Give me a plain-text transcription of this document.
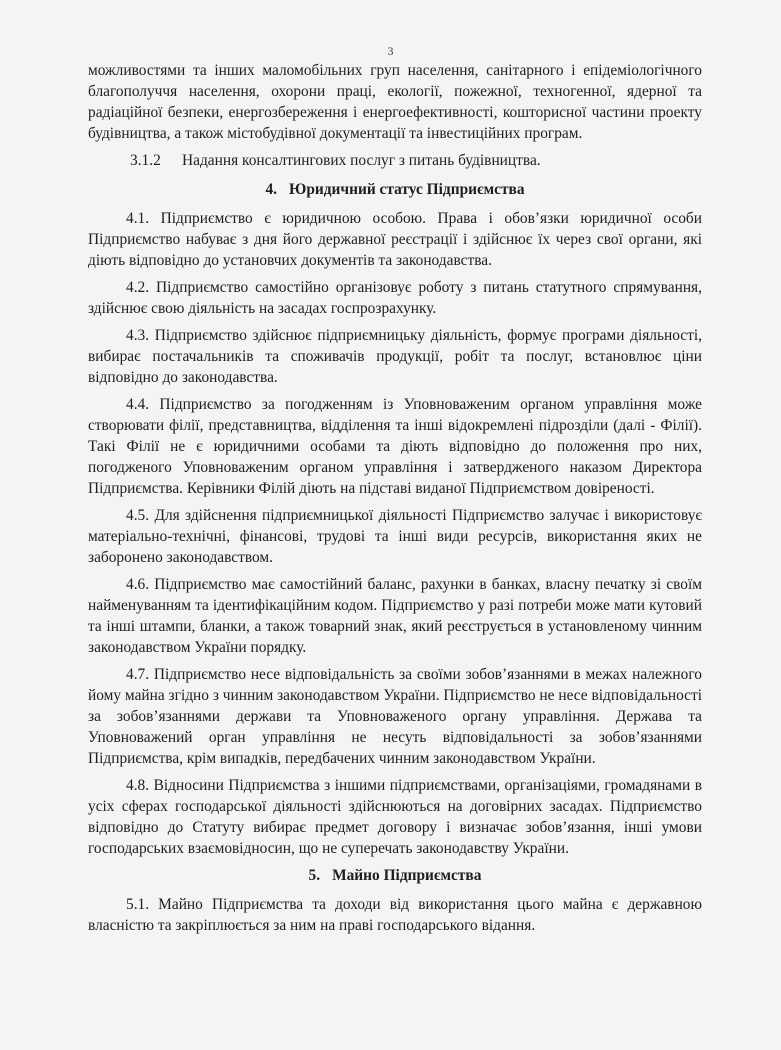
3

можливостями та інших маломобільних груп населення, санітарного і епідеміологічного благополуччя населення, охорони праці, екології, пожежної, техногенної, ядерної та радіаційної безпеки, енергозбереження і енергоефективності, кошторисної частини проекту будівництва, а також містобудівної документації та інвестиційних програм.

3.1.2 Надання консалтингових послуг з питань будівництва.

4. Юридичний статус Підприємства

4.1. Підприємство є юридичною особою. Права і обов’язки юридичної особи Підприємство набуває з дня його державної реєстрації і здійснює їх через свої органи, які діють відповідно до установчих документів та законодавства.

4.2. Підприємство самостійно організовує роботу з питань статутного спрямування, здійснює свою діяльність на засадах госпрозрахунку.

4.3. Підприємство здійснює підприємницьку діяльність, формує програми діяльності, вибирає постачальників та споживачів продукції, робіт та послуг, встановлює ціни відповідно до законодавства.

4.4. Підприємство за погодженням із Уповноваженим органом управління може створювати філії, представництва, відділення та інші відокремлені підрозділи (далі - Філії). Такі Філії не є юридичними особами та діють відповідно до положення про них, погодженого Уповноваженим органом управління і затвердженого наказом Директора Підприємства. Керівники Філій діють на підставі виданої Підприємством довіреності.

4.5. Для здійснення підприємницької діяльності Підприємство залучає і використовує матеріально-технічні, фінансові, трудові та інші види ресурсів, використання яких не заборонено законодавством.

4.6. Підприємство має самостійний баланс, рахунки в банках, власну печатку зі своїм найменуванням та ідентифікаційним кодом. Підприємство у разі потреби може мати кутовий та інші штампи, бланки, а також товарний знак, який реєструється в установленому чинним законодавством України порядку.

4.7. Підприємство несе відповідальність за своїми зобов’язаннями в межах належного йому майна згідно з чинним законодавством України. Підприємство не несе відповідальності за зобов’язаннями держави та Уповноваженого органу управління. Держава та Уповноважений орган управління не несуть відповідальності за зобов’язаннями Підприємства, крім випадків, передбачених чинним законодавством України.

4.8. Відносини Підприємства з іншими підприємствами, організаціями, громадянами в усіх сферах господарської діяльності здійснюються на договірних засадах. Підприємство відповідно до Статуту вибирає предмет договору і визначає зобов’язання, інші умови господарських взаємовідносин, що не суперечать законодавству України.

5. Майно Підприємства

5.1. Майно Підприємства та доходи від використання цього майна є державною власністю та закріплюється за ним на праві господарського відання.
